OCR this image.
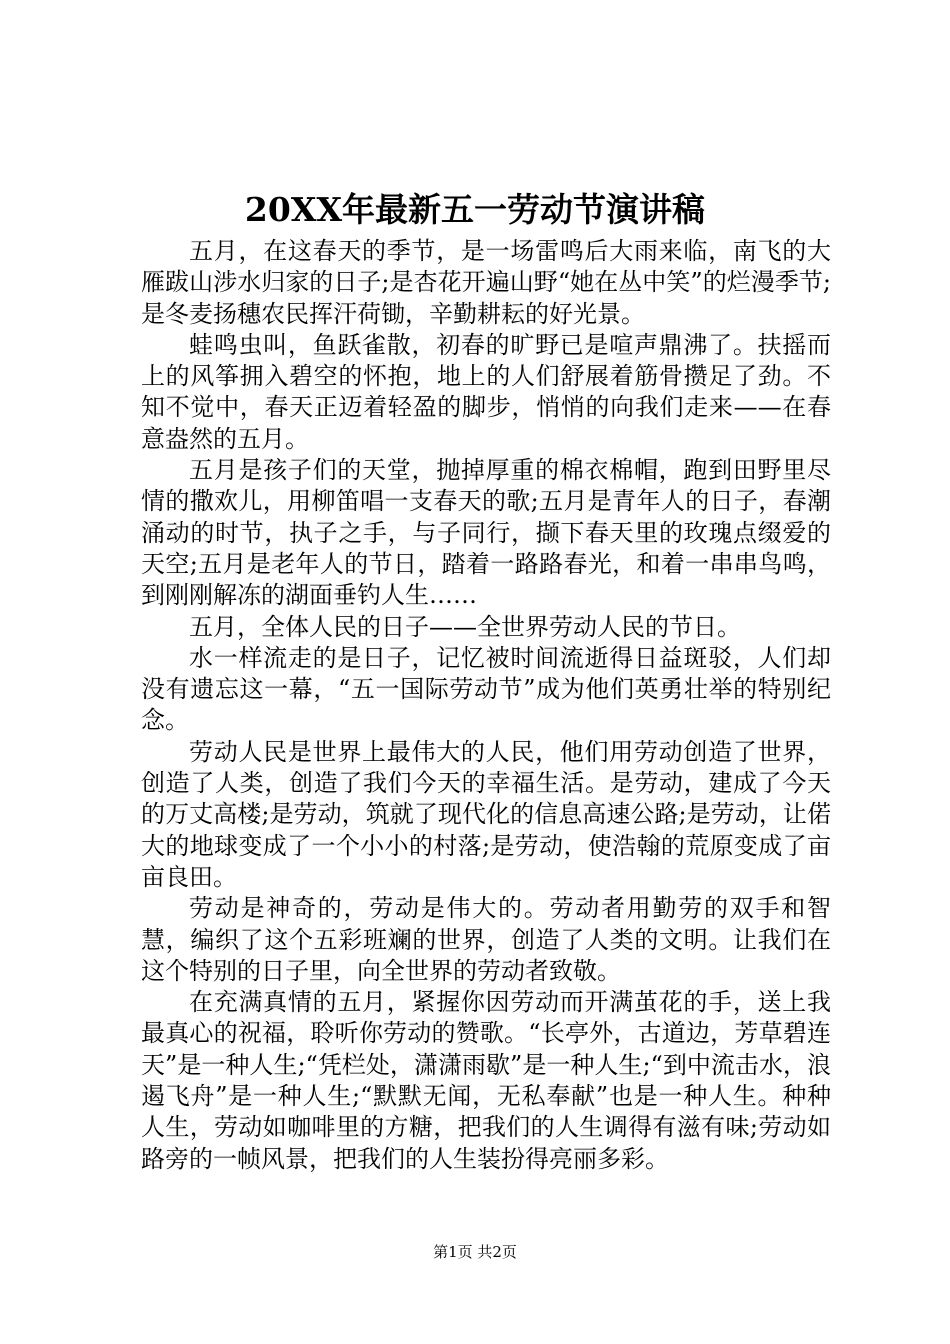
20XX年最新五一劳动节演讲稿

五月，在这春天的季节，是一场雷鸣后大雨来临，南飞的大雁跋山涉水归家的日子;是杏花开遍山野“她在丛中笑”的烂漫季节;是冬麦扬穗农民挥汗荷锄，辛勤耕耘的好光景。

蛙鸣虫叫，鱼跃雀散，初春的旷野已是喧声鼎沸了。扶摇而上的风筝拥入碧空的怀抱，地上的人们舒展着筋骨攒足了劲。不知不觉中，春天正迈着轻盈的脚步，悄悄的向我们走来——在春意盎然的五月。

五月是孩子们的天堂，抛掉厚重的棉衣棉帽，跑到田野里尽情的撒欢儿，用柳笛唱一支春天的歌;五月是青年人的日子，春潮涌动的时节，执子之手，与子同行，撷下春天里的玫瑰点缀爱的天空;五月是老年人的节日，踏着一路路春光，和着一串串鸟鸣，到刚刚解冻的湖面垂钓人生……

五月，全体人民的日子——全世界劳动人民的节日。

水一样流走的是日子，记忆被时间流逝得日益斑驳，人们却没有遗忘这一幕，“五一国际劳动节”成为他们英勇壮举的特别纪念。

劳动人民是世界上最伟大的人民，他们用劳动创造了世界，创造了人类，创造了我们今天的幸福生活。是劳动，建成了今天的万丈高楼;是劳动，筑就了现代化的信息高速公路;是劳动，让偌大的地球变成了一个小小的村落;是劳动，使浩翰的荒原变成了亩亩良田。

劳动是神奇的，劳动是伟大的。劳动者用勤劳的双手和智慧，编织了这个五彩班斓的世界，创造了人类的文明。让我们在这个特别的日子里，向全世界的劳动者致敬。

在充满真情的五月，紧握你因劳动而开满茧花的手，送上我最真心的祝福，聆听你劳动的赞歌。“长亭外，古道边，芳草碧连天”是一种人生;“凭栏处，潇潇雨歇”是一种人生;“到中流击水，浪遏飞舟”是一种人生;“默默无闻，无私奉献”也是一种人生。种种人生，劳动如咖啡里的方糖，把我们的人生调得有滋有味;劳动如路旁的一帧风景，把我们的人生装扮得亮丽多彩。

第1页 共2页
